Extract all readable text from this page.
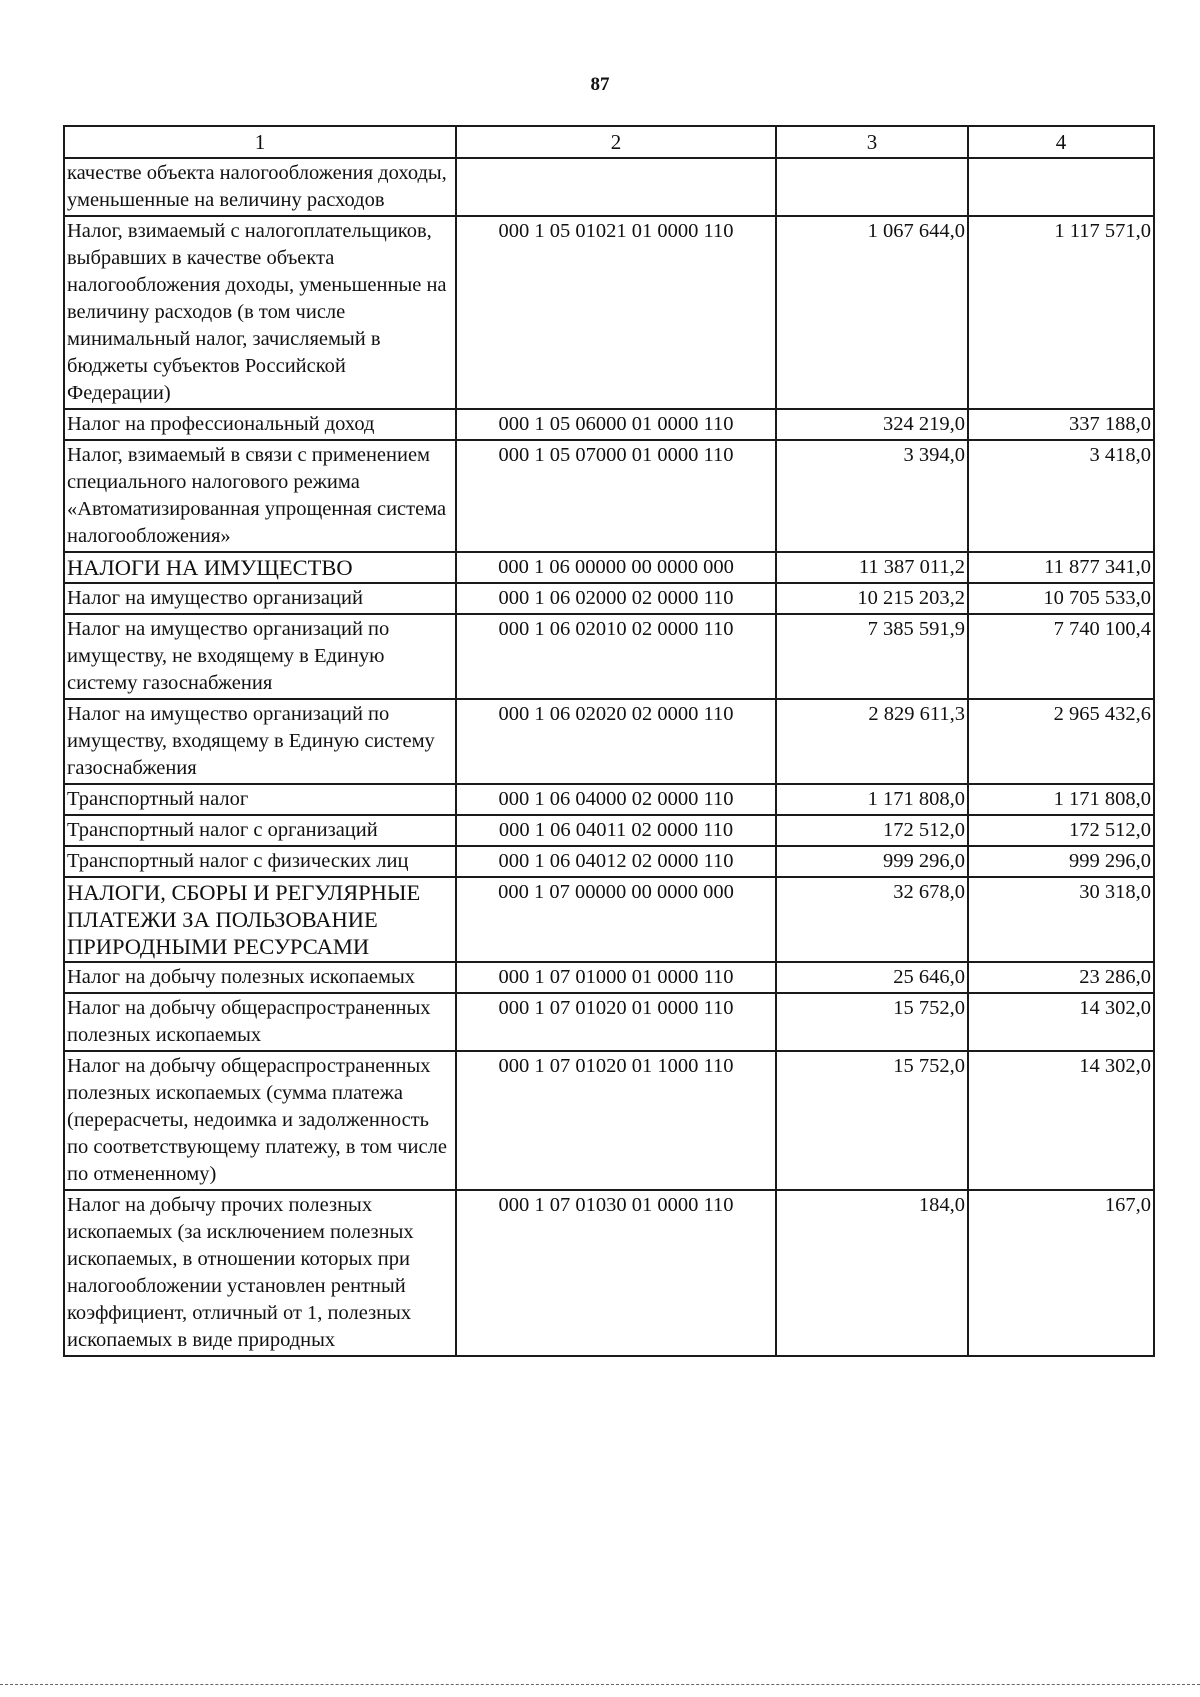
87
1	2	3	4
качестве объекта налогообложения доходы, уменьшенные на величину расходов			
Налог, взимаемый с налогоплательщиков, выбравших в качестве объекта налогообложения доходы, уменьшенные на величину расходов (в том числе минимальный налог, зачисляемый в бюджеты субъектов Российской Федерации)	000 1 05 01021 01 0000 110	1 067 644,0	1 117 571,0
Налог на профессиональный доход	000 1 05 06000 01 0000 110	324 219,0	337 188,0
Налог, взимаемый в связи с применением специального налогового режима «Автоматизированная упрощенная система налогообложения»	000 1 05 07000 01 0000 110	3 394,0	3 418,0
НАЛОГИ НА ИМУЩЕСТВО	000 1 06 00000 00 0000 000	11 387 011,2	11 877 341,0
Налог на имущество организаций	000 1 06 02000 02 0000 110	10 215 203,2	10 705 533,0
Налог на имущество организаций по имуществу, не входящему в Единую систему газоснабжения	000 1 06 02010 02 0000 110	7 385 591,9	7 740 100,4
Налог на имущество организаций по имуществу, входящему в Единую систему газоснабжения	000 1 06 02020 02 0000 110	2 829 611,3	2 965 432,6
Транспортный налог	000 1 06 04000 02 0000 110	1 171 808,0	1 171 808,0
Транспортный налог с организаций	000 1 06 04011 02 0000 110	172 512,0	172 512,0
Транспортный налог с физических лиц	000 1 06 04012 02 0000 110	999 296,0	999 296,0
НАЛОГИ, СБОРЫ И РЕГУЛЯРНЫЕ ПЛАТЕЖИ ЗА ПОЛЬЗОВАНИЕ ПРИРОДНЫМИ РЕСУРСАМИ	000 1 07 00000 00 0000 000	32 678,0	30 318,0
Налог на добычу полезных ископаемых	000 1 07 01000 01 0000 110	25 646,0	23 286,0
Налог на добычу общераспространенных полезных ископаемых	000 1 07 01020 01 0000 110	15 752,0	14 302,0
Налог на добычу общераспространенных полезных ископаемых (сумма платежа (перерасчеты, недоимка и задолженность по соответствующему платежу, в том числе по отмененному)	000 1 07 01020 01 1000 110	15 752,0	14 302,0
Налог на добычу прочих полезных ископаемых (за исключением полезных ископаемых, в отношении которых при налогообложении установлен рентный коэффициент, отличный от 1, полезных ископаемых в виде природных	000 1 07 01030 01 0000 110	184,0	167,0
